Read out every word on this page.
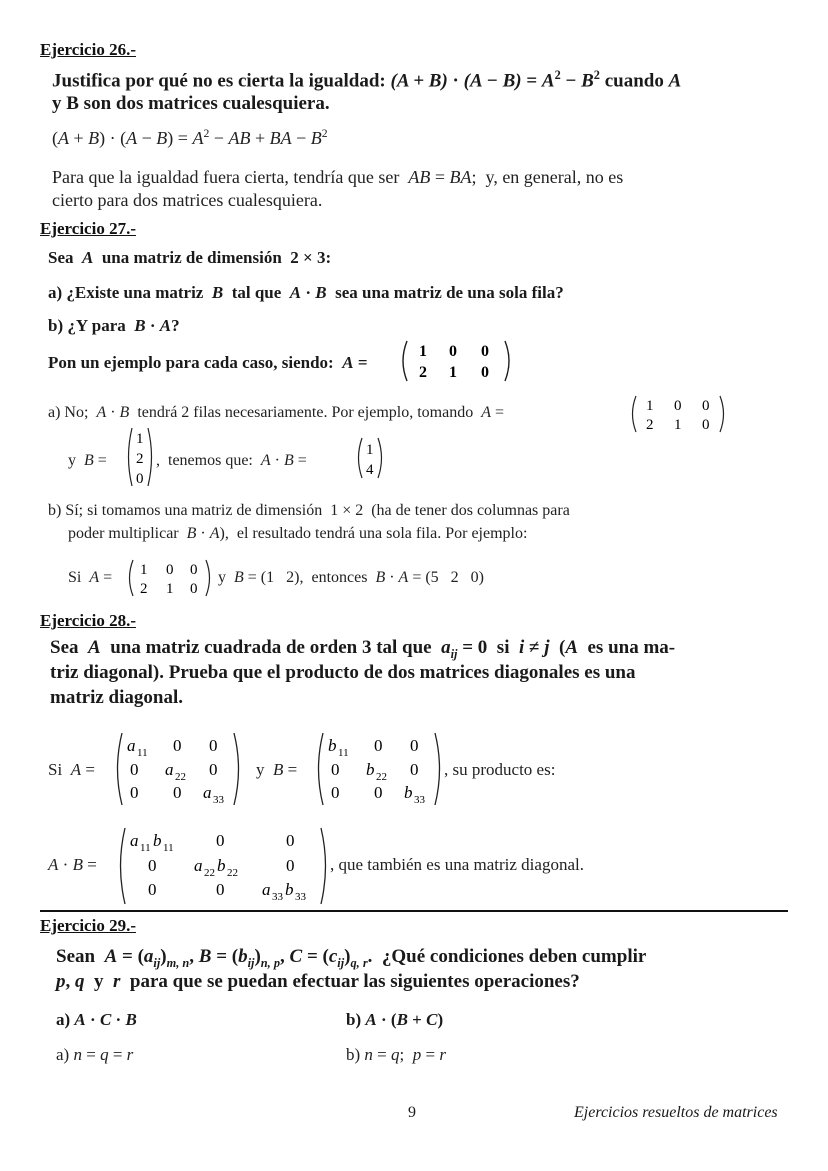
Ejercicio 26.-
Justifica por qué no es cierta la igualdad: $(A + B) \cdot (A - B) = A^2 - B^2$ cuando A
y B son dos matrices cualesquiera.
$(A + B) \cdot (A - B) = A^2$ − AB + BA − $B^2$
Para que la igualdad fuera cierta, tendría que ser  AB = BA;  y, en general, no es
cierto para dos matrices cualesquiera.
Ejercicio 27.-
Sea  A  una matriz de dimensión  2 × 3:
a) ¿Existe una matriz  B  tal que  A · B  sea una matriz de una sola fila?
b) ¿Y para  B · A?
Pon un ejemplo para cada caso, siendo:  A =
1 0 0
2 1 0
a) No;  A · B  tendrá 2 filas necesariamente. Por ejemplo, tomando  A =	1 0 0
2 1 0
y  B =
1
2
0
,  tenemos que:  A · B =
1
4
b) Sí; si tomamos una matriz de dimensión  1 × 2  (ha de tener dos columnas para
poder multiplicar  B · A),  el resultado tendrá una sola fila. Por ejemplo:
Si  A = 1 0 0
2 1 0
y  B = (1   2),  entonces  B · A = (5   2   0)
Ejercicio 28.-
Sea  A  una matriz cuadrada de orden 3 tal que  $a_{ij} = 0$  si  i ≠ j  (A  es una ma-
triz diagonal). Prueba que el producto de dos matrices diagonales es una
matriz diagonal.
Si  A =
a 11 0 0
0 a 22 0
0 0 a 33
y  B =
b 11 0 0
0 b 22 0
0 0 b 33
, su producto es:
A · B =
a 11 b 11 0	0
0 a 22 b 22	0
0	0 a 33 b 33
, que también es una matriz diagonal.
Ejercicio 29.-
Sean  $A = (a_{ij})_{m, n}$, $B = (b_{ij})_{n, p}$, $C = (c_{ij})_{q, r}$.  ¿Qué condiciones deben cumplir
p, q  y  r  para que se puedan efectuar las siguientes operaciones?
a) A · C · B	b) A · (B + C)
a) n = q = r	b) n = q;  p = r
9	Ejercicios resueltos de matrices
